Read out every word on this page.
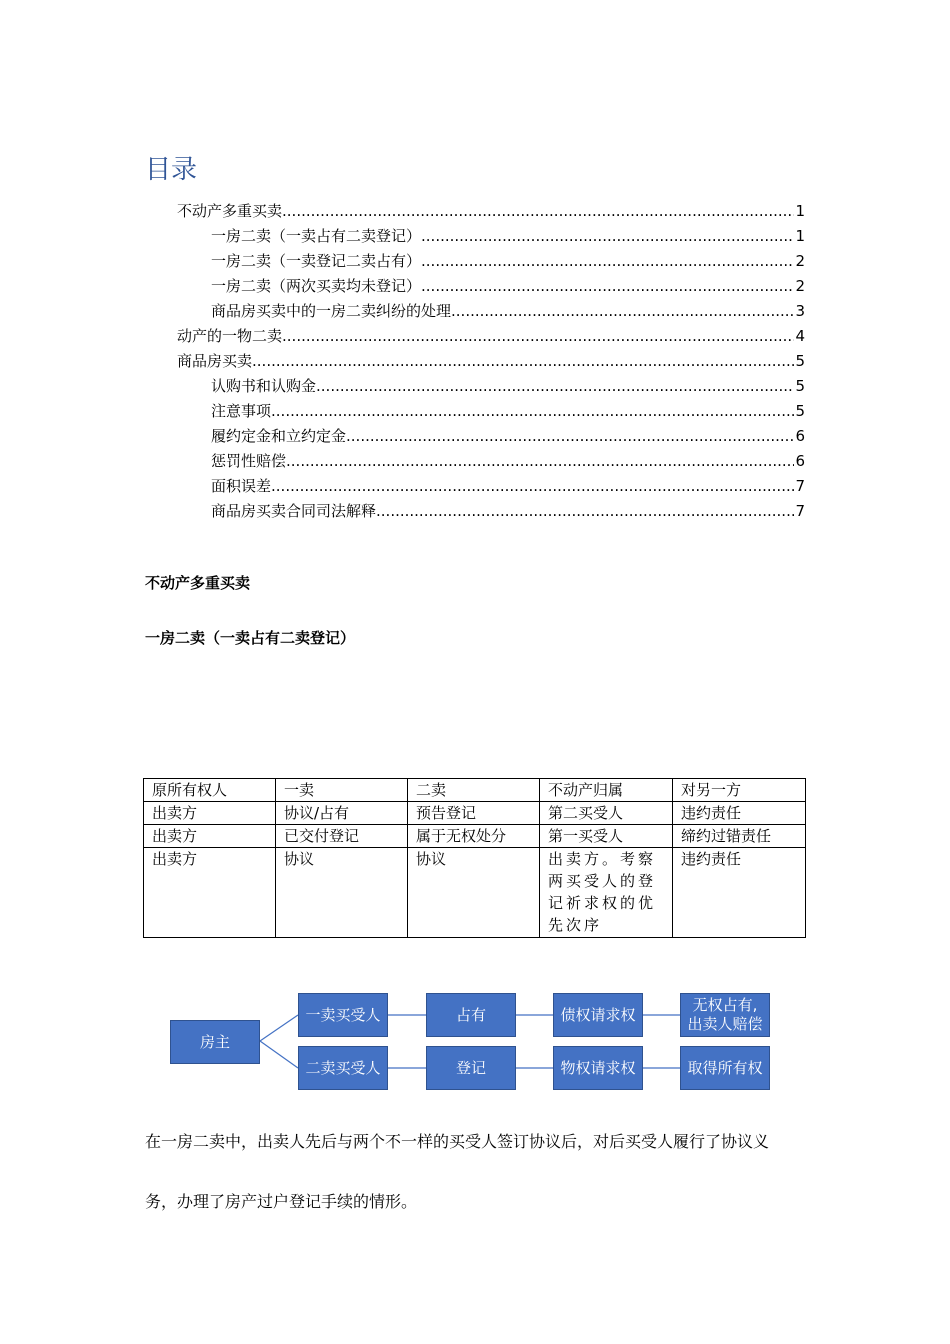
目录
不动产多重买卖 .....	1
一房二卖（一卖占有二卖登记） .....	1
一房二卖（一卖登记二卖占有） .....	2
一房二卖（两次买卖均未登记） .....	2
商品房买卖中的一房二卖纠纷的处理 .....	3
动产的一物二卖 .....	4
商品房买卖 .....	5
认购书和认购金 .....	5
注意事项 .....	5
履约定金和立约定金 .....	6
惩罚性赔偿 .....	6
面积误差 .....	7
商品房买卖合同司法解释 .....	7
不动产多重买卖
一房二卖（一卖占有二卖登记）
原所有权人	一卖	二卖	不动产归属	对另一方
出卖方	协议/占有	预告登记	第二买受人	违约责任
出卖方	已交付登记	属于无权处分	第一买受人	缔约过错责任
出卖方	协议	协议	出卖方。考察两买受人的登记祈求权的优先次序	违约责任
房主
一卖买受人	占有	债权请求权
无权占有,
出卖人赔偿
二卖买受人	登记	物权请求权	取得所有权

在一房二卖中，出卖人先后与两个不一样的买受人签订协议后，对后买受人履行了协议义

务，办理了房产过户登记手续的情形。
